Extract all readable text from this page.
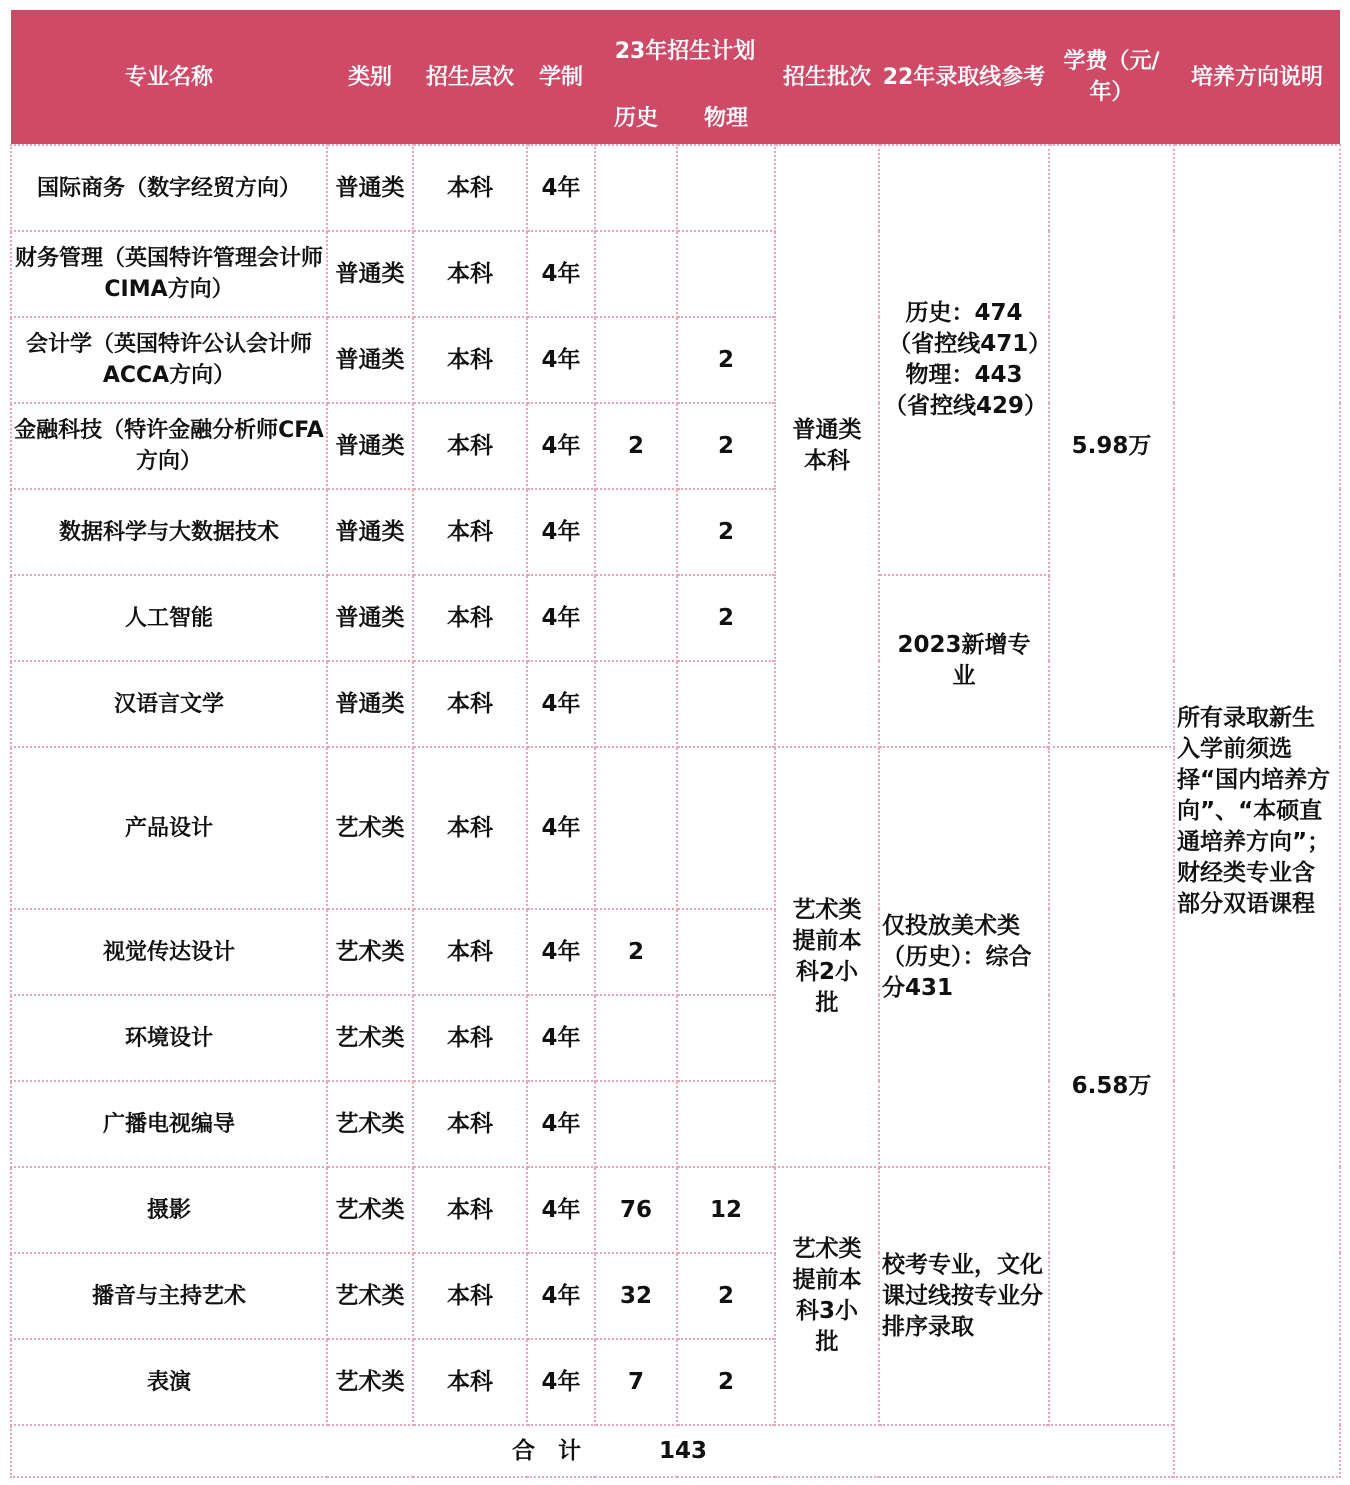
专业名称	类别	招生层次	学制	23年招生计划		招生批次	22年录取线参考	学费（元/年）	培养方向说明
				历史	物理				
国际商务（数字经贸方向）	普通类	本科	4年			普通类本科	历史：474（省控线471）物理：443（省控线429）	5.98万	所有录取新生入学前须选择“国内培养方向”、“本硕直通培养方向”；财经类专业含部分双语课程
财务管理（英国特许管理会计师CIMA方向）	普通类	本科	4年						
会计学（英国特许公认会计师ACCA方向）	普通类	本科	4年		2				
金融科技（特许金融分析师CFA方向）	普通类	本科	4年	2	2				
数据科学与大数据技术	普通类	本科	4年		2				
人工智能	普通类	本科	4年		2		2023新增专业		
汉语言文学	普通类	本科	4年						
产品设计	艺术类	本科	4年			艺术类提前本科2小批	仅投放美术类（历史）：综合分431	6.58万	
视觉传达设计	艺术类	本科	4年	2					
环境设计	艺术类	本科	4年						
广播电视编导	艺术类	本科	4年						
摄影	艺术类	本科	4年	76	12	艺术类提前本科3小批	校考专业，文化课过线按专业分排序录取		
播音与主持艺术	艺术类	本科	4年	32	2				
表演	艺术类	本科	4年	7	2				
合　计 143									
